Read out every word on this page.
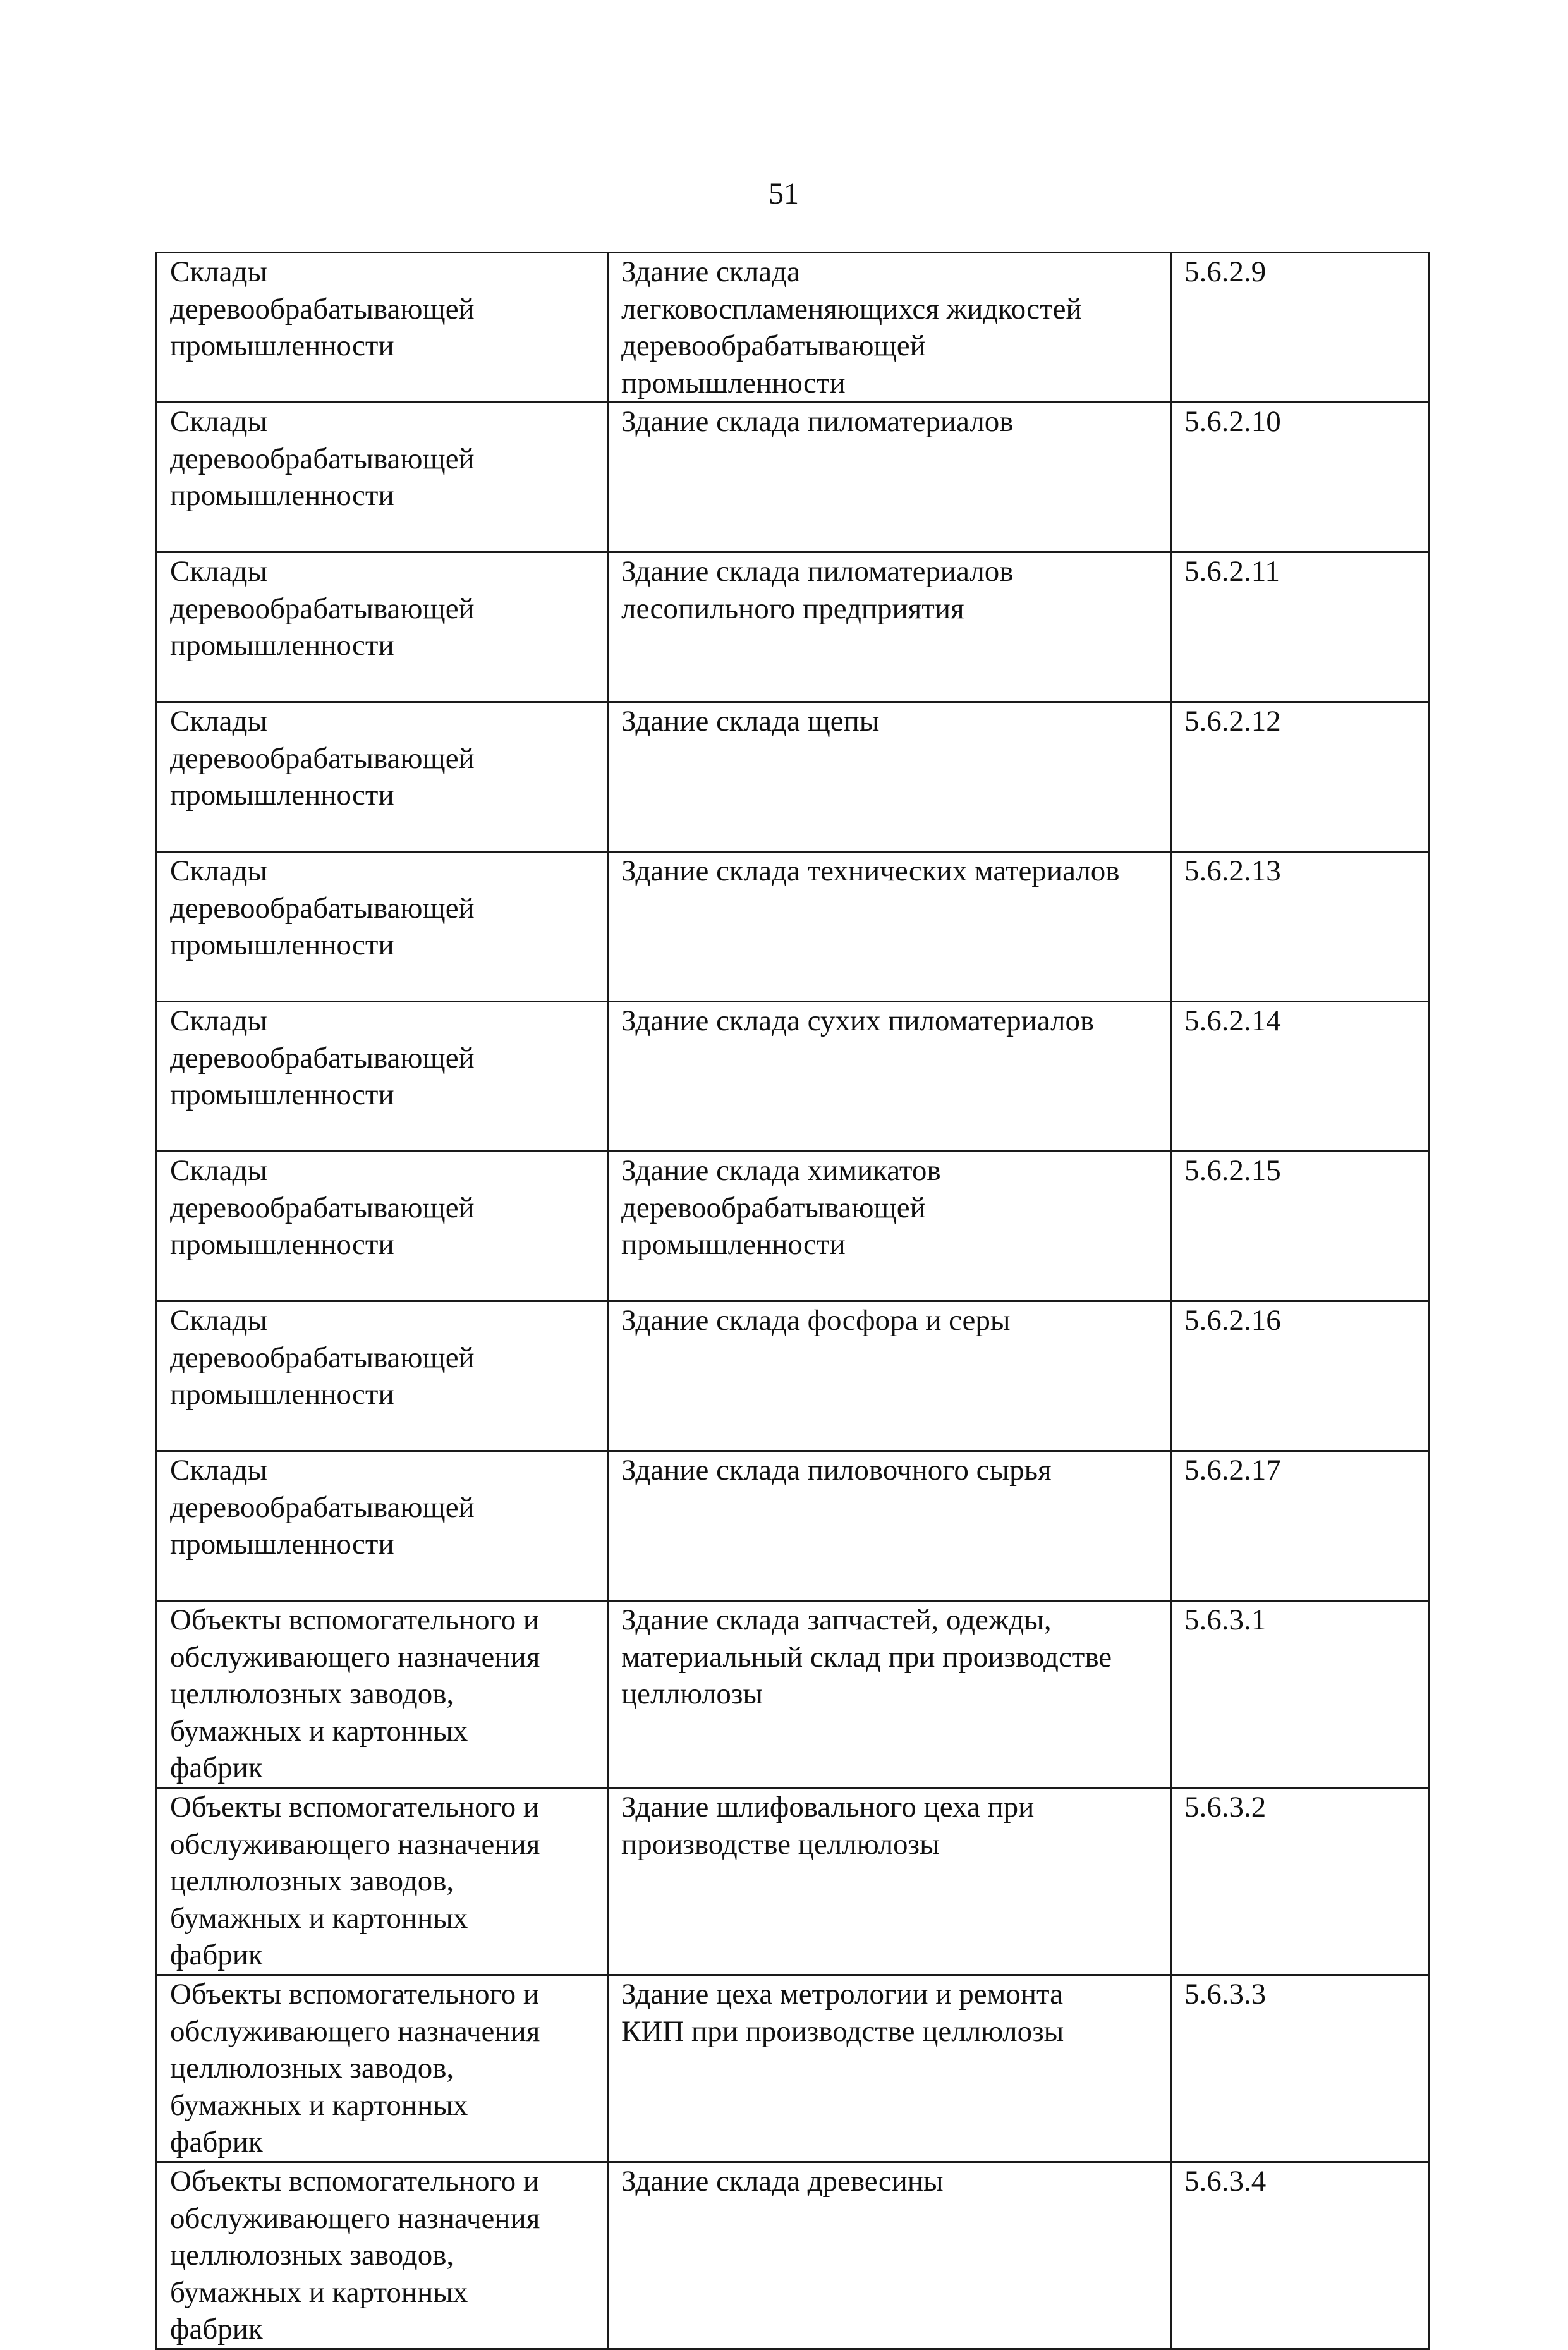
51
Склады
деревообрабатывающей
промышленности	Здание склада
легковоспламеняющихся жидкостей
деревообрабатывающей
промышленности	5.6.2.9
Склады
деревообрабатывающей
промышленности	Здание склада пиломатериалов	5.6.2.10
Склады
деревообрабатывающей
промышленности	Здание склада пиломатериалов
лесопильного предприятия	5.6.2.11
Склады
деревообрабатывающей
промышленности	Здание склада щепы	5.6.2.12
Склады
деревообрабатывающей
промышленности	Здание склада технических материалов	5.6.2.13
Склады
деревообрабатывающей
промышленности	Здание склада сухих пиломатериалов	5.6.2.14
Склады
деревообрабатывающей
промышленности	Здание склада химикатов
деревообрабатывающей
промышленности	5.6.2.15
Склады
деревообрабатывающей
промышленности	Здание склада фосфора и серы	5.6.2.16
Склады
деревообрабатывающей
промышленности	Здание склада пиловочного сырья	5.6.2.17
Объекты вспомогательного и
обслуживающего назначения
целлюлозных заводов,
бумажных и картонных
фабрик	Здание склада запчастей, одежды,
материальный склад при производстве
целлюлозы	5.6.3.1
Объекты вспомогательного и
обслуживающего назначения
целлюлозных заводов,
бумажных и картонных
фабрик	Здание шлифовального цеха при
производстве целлюлозы	5.6.3.2
Объекты вспомогательного и
обслуживающего назначения
целлюлозных заводов,
бумажных и картонных
фабрик	Здание цеха метрологии и ремонта
КИП при производстве целлюлозы	5.6.3.3
Объекты вспомогательного и
обслуживающего назначения
целлюлозных заводов,
бумажных и картонных
фабрик	Здание склада древесины	5.6.3.4
